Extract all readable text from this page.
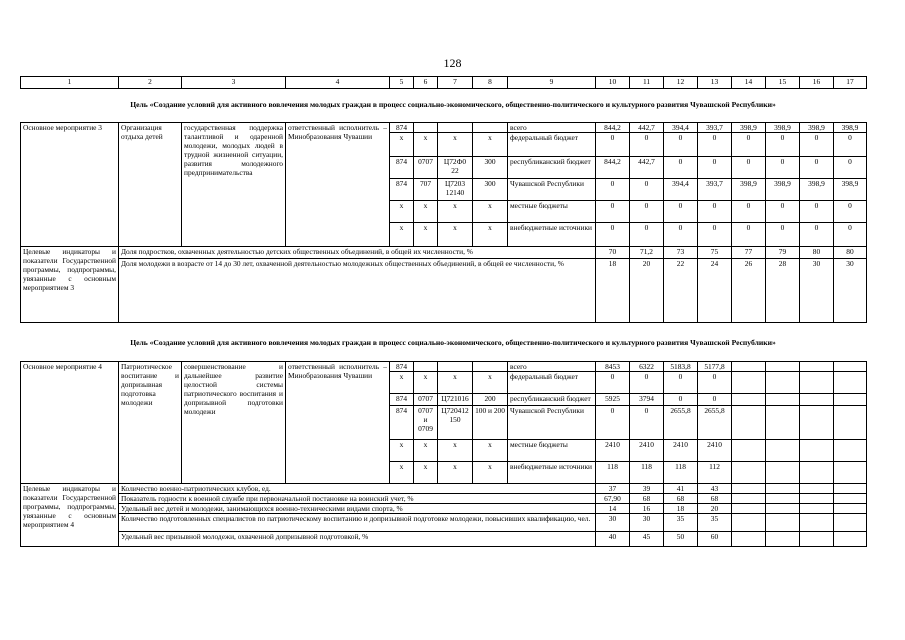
128
1	2	3	4	5	6	7	8	9	10	11	12	13	14	15	16	17
Цель «Создание условий для активного вовлечения молодых граждан в процесс социально-экономического, общественно-политического и культурного развития Чувашской Республики»
Основное мероприятие 3	Организация отдыха детей	государственная поддержка талантливой и одаренной молодежи, молодых людей в трудной жизненной ситуации, развития молодежного предпринимательства	ответственный исполнитель – Минобразования Чувашии	874				всего	844,2	442,7	394,4	393,7	398,9	398,9	398,9	398,9
				x	x	x	x	федеральный бюджет	0	0	0	0	0	0	0	0
				874	0707	Ц72Ф0 22	300	республиканский бюджет	844,2	442,7	0	0	0	0	0	0
				874	707	Ц7203 12140	300	Чувашской Республики	0	0	394,4	393,7	398,9	398,9	398,9	398,9
				x	x	x	x	местные бюджеты	0	0	0	0	0	0	0	0
				x	x	x	x	внебюджетные источники	0	0	0	0	0	0	0	0
Целевые индикаторы и показатели Государственной программы, подпрограммы, увязанные с основным мероприятием 3	Доля подростков, охваченных деятельностью детских общественных объединений, в общей их численности, %								70	71,2	73	75	77	79	80	80
	Доля молодежи в возрасте от 14 до 30 лет, охваченной деятельностью молодежных общественных объединений, в общей ее численности, %								18	20	22	24	26	28	30	30
Цель «Создание условий для активного вовлечения молодых граждан в процесс социально-экономического, общественно-политического и культурного развития Чувашской Республики»
Основное мероприятие 4	Патриотическое воспитание и допризывная подготовка молодежи	совершенствование и дальнейшее развитие целостной системы патриотического воспитания и допризывной подготовки молодежи	ответственный исполнитель – Минобразования Чувашии	874				всего	8453	6322	5183,8	5177,8				
				x	x	x	x	федеральный бюджет	0	0	0	0				
				874	0707	Ц721016	200	республиканский бюджет	5925	3794	0	0				
				874	0707 и 0709	Ц720412 150	100 и 200	Чувашской Республики	0	0	2655,8	2655,8				
				x	x	x	x	местные бюджеты	2410	2410	2410	2410				
				x	x	x	x	внебюджетные источники	118	118	118	112				
Целевые индикаторы и показатели Государственной программы, подпрограммы, увязанные с основным мероприятием 4	Количество военно-патриотических клубов, ед.								37	39	41	43				
	Показатель годности к военной службе при первоначальной постановке на воинский учет, %								67,90	68	68	68				
	Удельный вес детей и молодежи, занимающихся военно-техническими видами спорта, %								14	16	18	20				
	Количество подготовленных специалистов по патриотическому воспитанию и допризывной подготовке молодежи, повысивших квалификацию, чел.								30	30	35	35				
	Удельный вес призывной молодежи, охваченной допризывной подготовкой, %								40	45	50	60				
